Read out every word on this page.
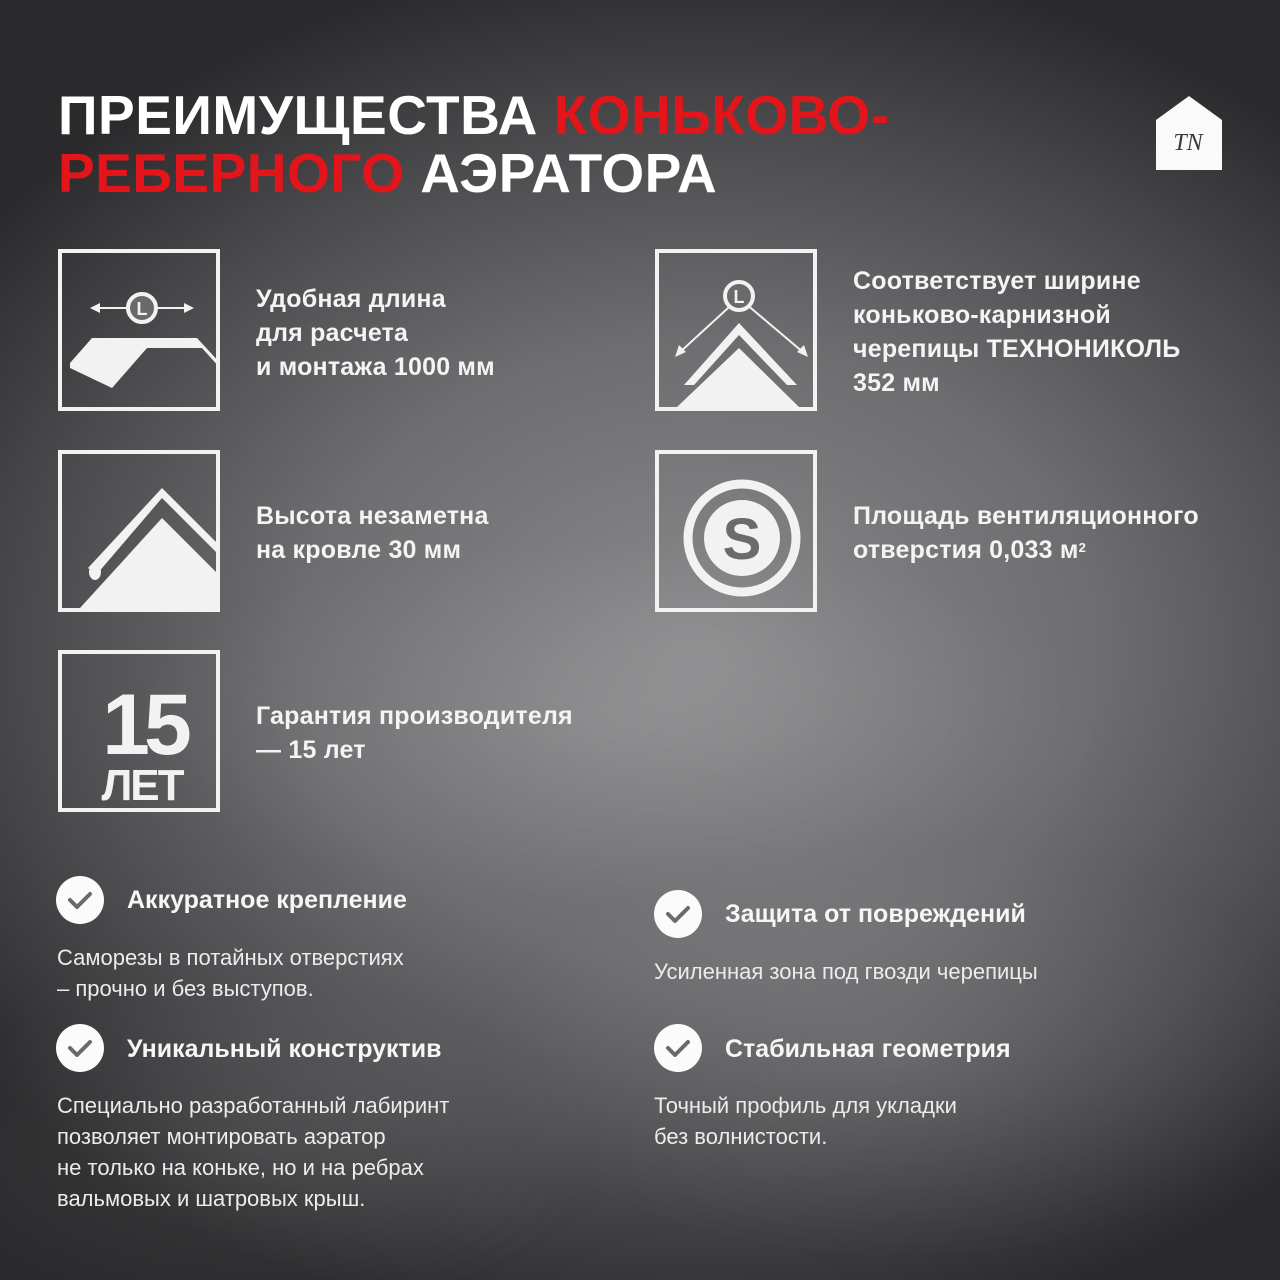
ПРЕИМУЩЕСТВА КОНЬКОВО-
РЕБЕРНОГО АЭРАТОРА	TN
L	Удобная длина
для расчета
и монтажа 1000 мм
L
Соответствует ширине
коньково-карнизной
черепицы ТЕХНОНИКОЛЬ
352 мм
Высота незаметна
на кровле 30 мм	S	Площадь вентиляционного
отверстия 0,033 $м^2$
15
ЛЕТ
Гарантия производителя
— 15 лет
Аккуратное крепление
Саморезы в потайных отверстиях
– прочно и без выступов.
Защита от повреждений
Усиленная зона под гвозди черепицы
Уникальный конструктив
Специально разработанный лабиринт
позволяет монтировать аэратор
не только на коньке, но и на ребрах
вальмовых и шатровых крыш.
Стабильная геометрия
Точный профиль для укладки
без волнистости.
